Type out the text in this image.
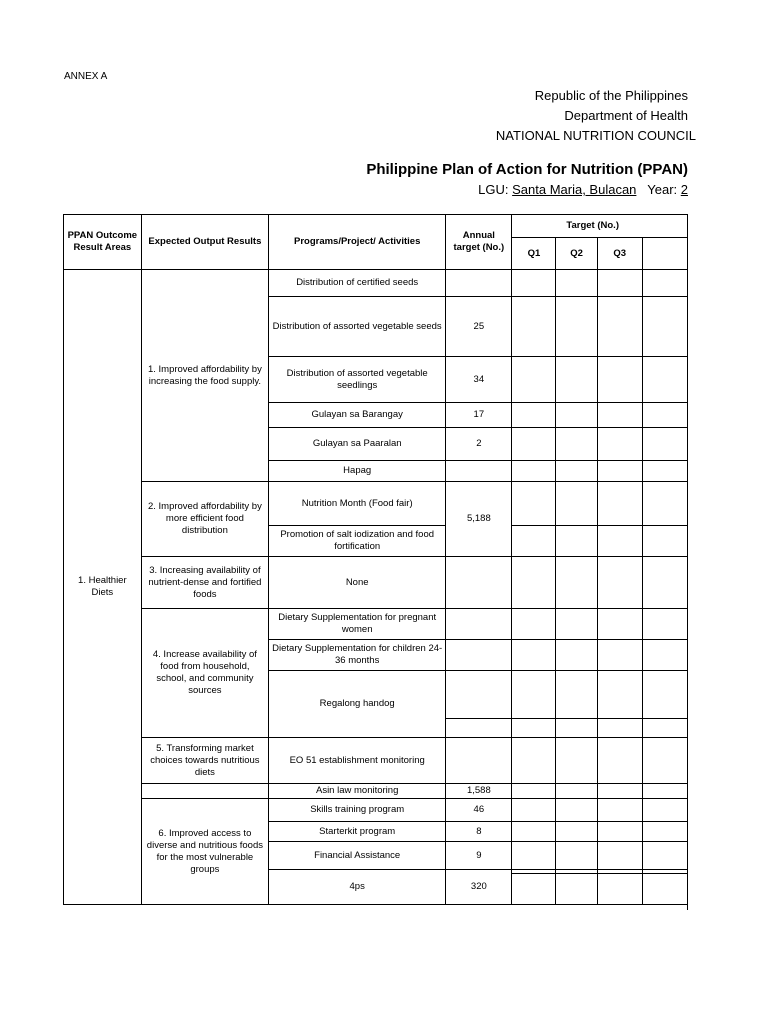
ANNEX A
Republic of the Philippines
Department of Health
NATIONAL NUTRITION COUNCIL
Philippine Plan of Action for Nutrition (PPAN)
LGU: Santa Maria, Bulacan Year: 2
PPAN Outcome Result Areas	Expected Output Results	Programs/Project/ Activities	Annual target (No.)	Target (No.)			
				Q1	Q2	Q3	
1. Healthier Diets	1. Improved affordability by increasing the food supply.	Distribution of certified seeds					
		Distribution of assorted vegetable seeds	25				
		Distribution of assorted vegetable seedlings	34				
		Gulayan sa Barangay	17				
		Gulayan sa Paaralan	2				
		Hapag					
	2. Improved affordability by more efficient food distribution	Nutrition Month (Food fair)	5,188				
		Promotion of salt iodization and food fortification					
	3. Increasing availability of nutrient-dense and fortified foods	None					
	4. Increase availability of food from household, school, and community sources	Dietary Supplementation for pregnant women					
		Dietary Supplementation for children 24-36 months					
		Regalong handog					

	5. Transforming market choices towards nutritious diets	EO 51 establishment monitoring					
		Asin law monitoring	1,588				
	6. Improved access to diverse and nutritious foods for the most vulnerable groups	Skills training program	46				
		Starterkit program	8				
		Financial Assistance	9				
		4ps	320				
